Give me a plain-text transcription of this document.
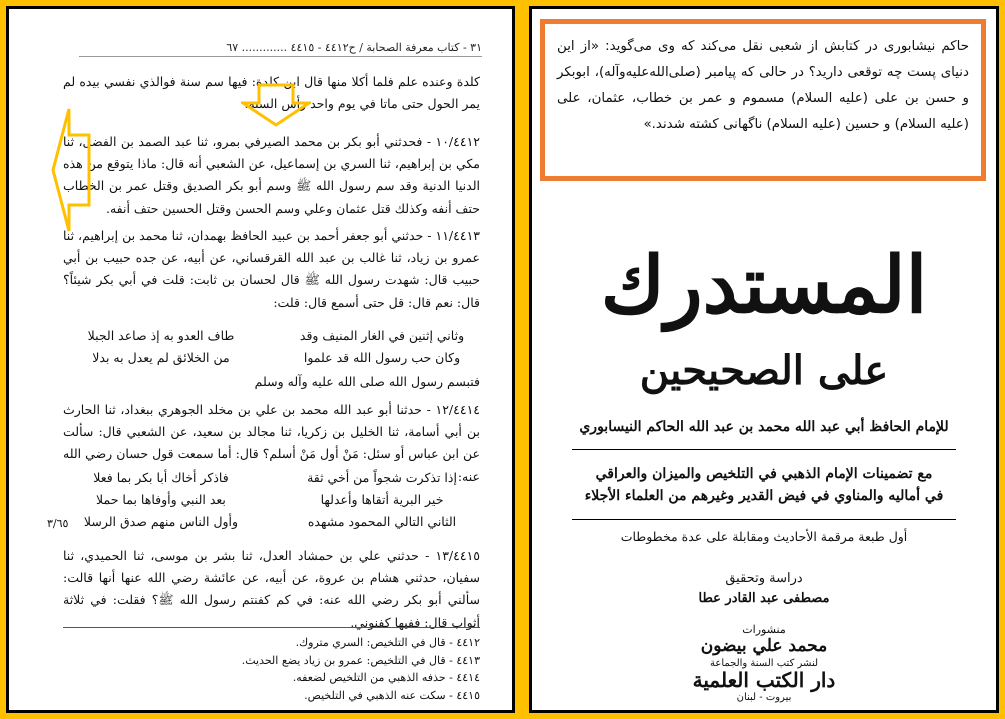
٣١ - كتاب معرفة الصحابة / ح٤٤١٢ - ٤٤١٥ ............. ٦٧
كلدة وعنده علم فلما أكلا منها قال ابن كلدة: فيها سم سنة فوالذي نفسي بيده لم يمر الحول حتى ماتا في يوم واحد رأس السنة.
١٠/٤٤١٢ - فحدثني أبو بكر بن محمد الصيرفي بمرو، ثنا عبد الصمد بن الفضل، ثنا مكي بن إبراهيم، ثنا السري بن إسماعيل، عن الشعبي أنه قال: ماذا يتوقع من هذه الدنيا الدنية وقد سم رسول الله ﷺ وسم أبو بكر الصديق وقتل عمر بن الخطاب حتف أنفه وكذلك قتل عثمان وعلي وسم الحسن وقتل الحسين حتف أنفه.
١١/٤٤١٣ - حدثني أبو جعفر أحمد بن عبيد الحافظ بهمدان، ثنا محمد بن إبراهيم، ثنا عمرو بن زياد، ثنا غالب بن عبد الله القرقساني، عن أبيه، عن جده حبيب بن أبي حبيب قال: شهدت رسول الله ﷺ قال لحسان بن ثابت: قلت في أبي بكر شيئاً؟ قال: نعم قال: قل حتى أسمع قال: قلت:
وثاني إثنين في الغار المنيف وقد
طاف العدو به إذ صاعد الجبلا
وكان حب رسول الله قد علموا
من الخلائق لم يعدل به بدلا
فتبسم رسول الله صلى الله عليه وآله وسلم
١٢/٤٤١٤ - حدثنا أبو عبد الله محمد بن علي بن مخلد الجوهري ببغداد، ثنا الحارث بن أبي أسامة، ثنا الخليل بن زكريا، ثنا مجالد بن سعيد، عن الشعبي قال: سألت عن ابن عباس أو سئل: مَنْ أول مَنْ أسلم؟ قال: أما سمعت قول حسان رضي الله عنه:
إذا تذكرت شجواً من أخي ثقة
فاذكر أخاك أبا بكر بما فعلا
خير البرية أتقاها وأعدلها
بعد النبي وأوفاها بما حملا
الثاني التالي المحمود مشهده
وأول الناس منهم صدق الرسلا
٣/٦٥
١٣/٤٤١٥ - حدثني علي بن حمشاد العدل، ثنا بشر بن موسى، ثنا الحميدي، ثنا سفيان، حدثني هشام بن عروة، عن أبيه، عن عائشة رضي الله عنها أنها قالت: سألني أبو بكر رضي الله عنه: في كم كفنتم رسول الله ﷺ؟ فقلت: في ثلاثة أثواب قال: ففيها كفنوني.
٤٤١٢ - قال في التلخيص: السري متروك.
٤٤١٣ - قال في التلخيص: عمرو بن زياد يضع الحديث.
٤٤١٤ - حذفه الذهبي من التلخيص لضعفه.
٤٤١٥ - سكت عنه الذهبي في التلخيص.
حاکم نیشابوری در کتابش از شعبی نقل می‌کند که وی می‌گوید: «از این دنیای پست چه توقعی دارید؟ در حالی که پیامبر (صلی‌الله‌علیه‌وآله)، ابوبکر و حسن بن علی (علیه السلام) مسموم و عمر بن خطاب، عثمان، علی (علیه السلام) و حسین (علیه السلام) ناگهانی کشته شدند.»
المستدرك
على الصحيحين
للإمام الحافظ أبي عبد الله محمد بن عبد الله الحاكم النيسابوري
مع تضمينات الإمام الذهبي في التلخيص والميزان والعراقي
في أماليه والمناوي في فيض القدير وغيرهم من العلماء الأجلاء
أول طبعة مرقمة الأحاديث ومقابلة على عدة مخطوطات
دراسة وتحقيق
مصطفى عبد القادر عطا
منشورات
محمد علي بيضون
لنشر كتب السنة والجماعة
دار الكتب العلمية
بيروت - لبنان
